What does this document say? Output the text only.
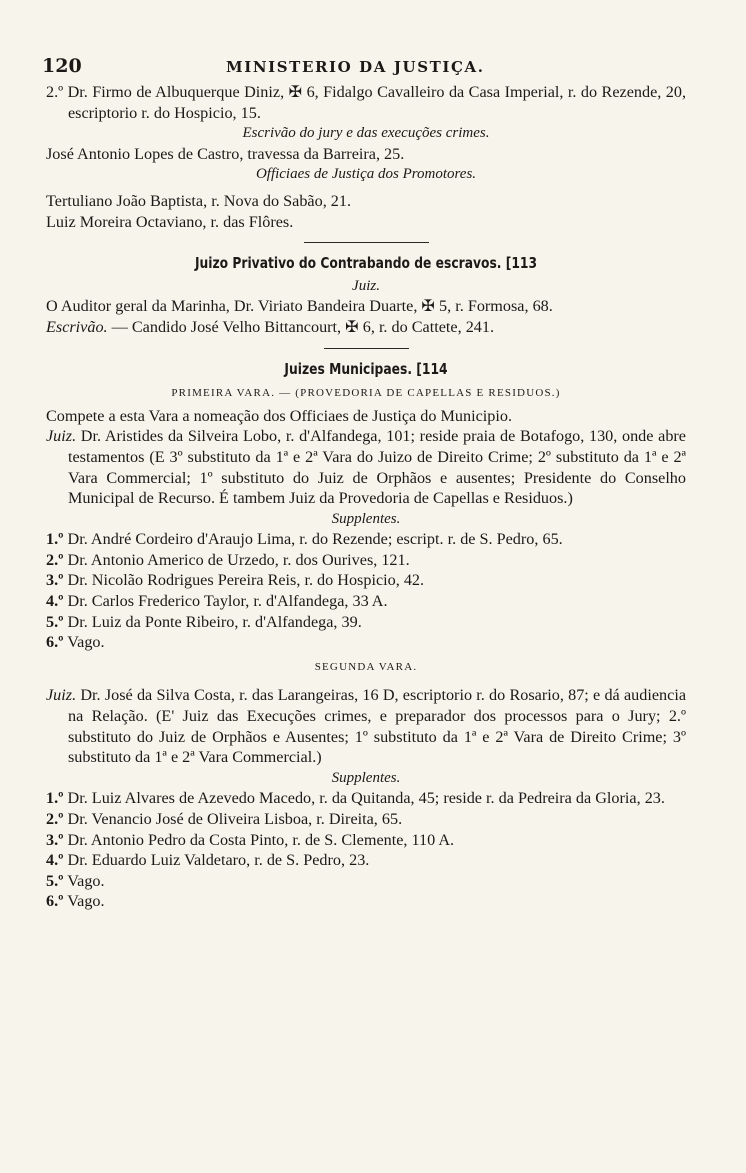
120	MINISTERIO DA JUSTIÇA.

2.º Dr. Firmo de Albuquerque Diniz, ✠ 6, Fidalgo Cavalleiro da Casa Imperial, r. do Rezende, 20, escriptorio r. do Hospicio, 15.

Escrivão do jury e das execuções crimes.

José Antonio Lopes de Castro, travessa da Barreira, 25.

Officiaes de Justiça dos Promotores.

Tertuliano João Baptista, r. Nova do Sabão, 21.

Luiz Moreira Octaviano, r. das Flôres.

Juizo Privativo do Contrabando de escravos. [113

Juiz.

O Auditor geral da Marinha, Dr. Viriato Bandeira Duarte, ✠ 5, r. Formosa, 68.

Escrivão. — Candido José Velho Bittancourt, ✠ 6, r. do Cattete, 241.

Juizes Municipaes. [114

PRIMEIRA VARA. — (PROVEDORIA DE CAPELLAS E RESIDUOS.)

Compete a esta Vara a nomeação dos Officiaes de Justiça do Municipio.

Juiz. Dr. Aristides da Silveira Lobo, r. d'Alfandega, 101; reside praia de Botafogo, 130, onde abre testamentos (E 3º substituto da 1ª e 2ª Vara do Juizo de Direito Crime; 2º substituto da 1ª e 2ª Vara Commercial; 1º substituto do Juiz de Orphãos e ausentes; Presidente do Conselho Municipal de Recurso. É tambem Juiz da Provedoria de Capellas e Residuos.)

Supplentes.

1.º Dr. André Cordeiro d'Araujo Lima, r. do Rezende; escript. r. de S. Pedro, 65.

2.º Dr. Antonio Americo de Urzedo, r. dos Ourives, 121.

3.º Dr. Nicolão Rodrigues Pereira Reis, r. do Hospicio, 42.

4.º Dr. Carlos Frederico Taylor, r. d'Alfandega, 33 A.

5.º Dr. Luiz da Ponte Ribeiro, r. d'Alfandega, 39.

6.º Vago.

SEGUNDA VARA.

Juiz. Dr. José da Silva Costa, r. das Larangeiras, 16 D, escriptorio r. do Rosario, 87; e dá audiencia na Relação. (E' Juiz das Execuções crimes, e preparador dos processos para o Jury; 2.º substituto do Juiz de Orphãos e Ausentes; 1º substituto da 1ª e 2ª Vara de Direito Crime; 3º substituto da 1ª e 2ª Vara Commercial.)

Supplentes.

1.º Dr. Luiz Alvares de Azevedo Macedo, r. da Quitanda, 45; reside r. da Pedreira da Gloria, 23.

2.º Dr. Venancio José de Oliveira Lisboa, r. Direita, 65.

3.º Dr. Antonio Pedro da Costa Pinto, r. de S. Clemente, 110 A.

4.º Dr. Eduardo Luiz Valdetaro, r. de S. Pedro, 23.

5.º Vago.

6.º Vago.
